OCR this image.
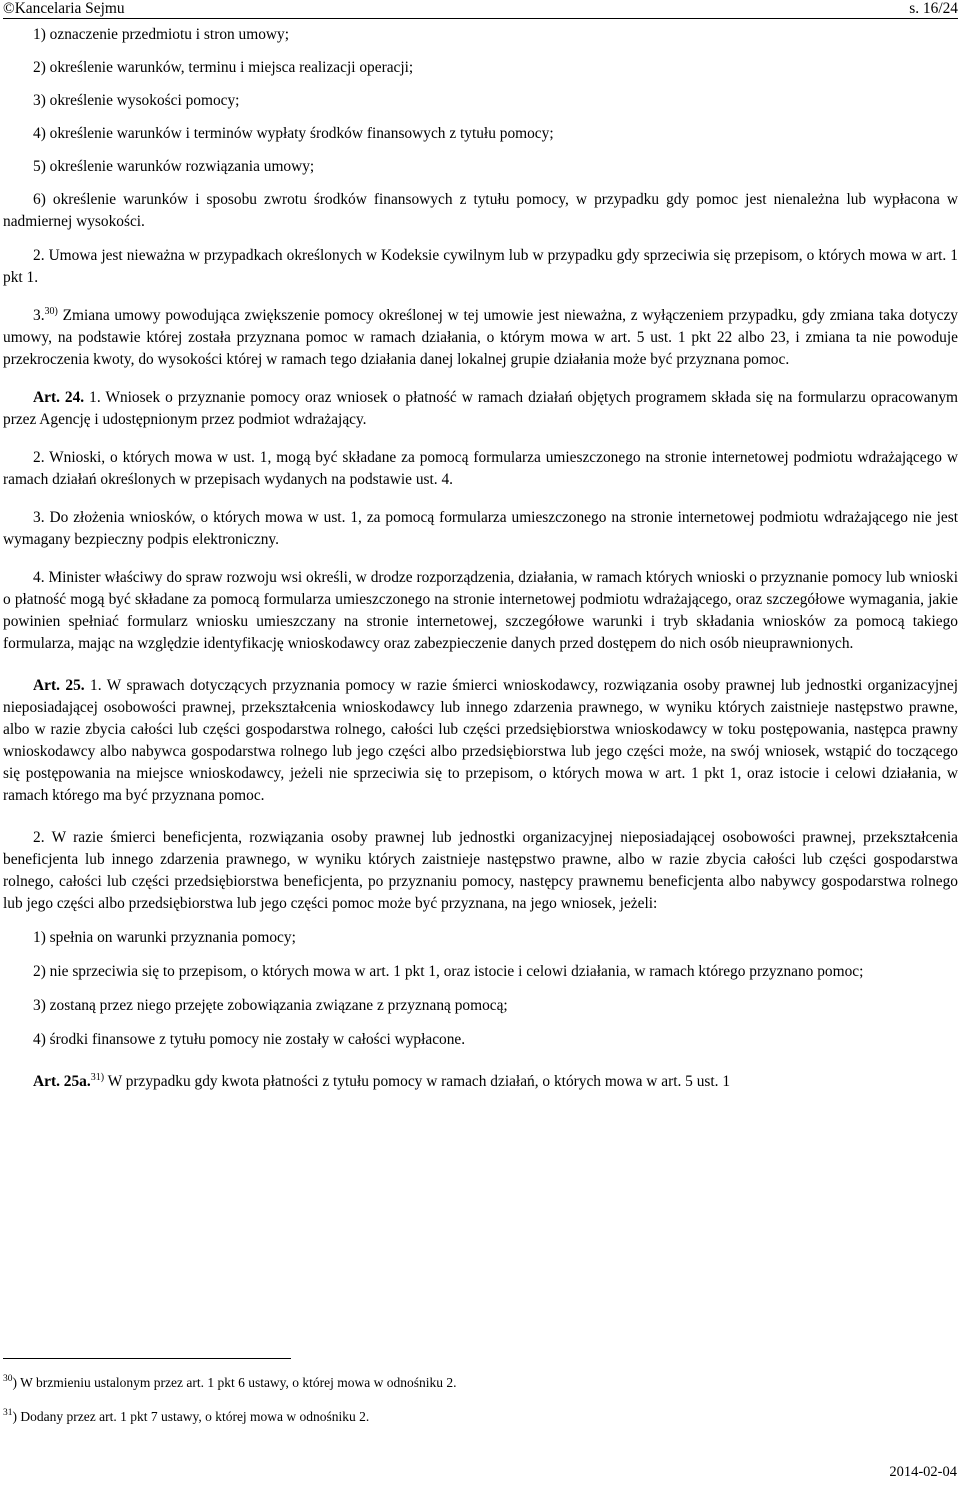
©Kancelaria Sejmu	s. 16/24

1) oznaczenie przedmiotu i stron umowy;

2) określenie warunków, terminu i miejsca realizacji operacji;

3) określenie wysokości pomocy;

4) określenie warunków i terminów wypłaty środków finansowych z tytułu pomocy;

5) określenie warunków rozwiązania umowy;

6) określenie warunków i sposobu zwrotu środków finansowych z tytułu pomocy, w przypadku gdy pomoc jest nienależna lub wypłacona w nadmiernej wysokości.

2. Umowa jest nieważna w przypadkach określonych w Kodeksie cywilnym lub w przypadku gdy sprzeciwia się przepisom, o których mowa w art. 1 pkt 1.

3.$^{30)}$ Zmiana umowy powodująca zwiększenie pomocy określonej w tej umowie jest nieważna, z wyłączeniem przypadku, gdy zmiana taka dotyczy umowy, na podstawie której została przyznana pomoc w ramach działania, o którym mowa w art. 5 ust. 1 pkt 22 albo 23, i zmiana ta nie powoduje przekroczenia kwoty, do wysokości której w ramach tego działania danej lokalnej grupie działania może być przyznana pomoc.

Art. 24. 1. Wniosek o przyznanie pomocy oraz wniosek o płatność w ramach działań objętych programem składa się na formularzu opracowanym przez Agencję i udostępnionym przez podmiot wdrażający.

2. Wnioski, o których mowa w ust. 1, mogą być składane za pomocą formularza umieszczonego na stronie internetowej podmiotu wdrażającego w ramach działań określonych w przepisach wydanych na podstawie ust. 4.

3. Do złożenia wniosków, o których mowa w ust. 1, za pomocą formularza umieszczonego na stronie internetowej podmiotu wdrażającego nie jest wymagany bezpieczny podpis elektroniczny.

4. Minister właściwy do spraw rozwoju wsi określi, w drodze rozporządzenia, działania, w ramach których wnioski o przyznanie pomocy lub wnioski o płatność mogą być składane za pomocą formularza umieszczonego na stronie internetowej podmiotu wdrażającego, oraz szczegółowe wymagania, jakie powinien spełniać formularz wniosku umieszczany na stronie internetowej, szczegółowe warunki i tryb składania wniosków za pomocą takiego formularza, mając na względzie identyfikację wnioskodawcy oraz zabezpieczenie danych przed dostępem do nich osób nieuprawnionych.

Art. 25. 1. W sprawach dotyczących przyznania pomocy w razie śmierci wnioskodawcy, rozwiązania osoby prawnej lub jednostki organizacyjnej nieposiadającej osobowości prawnej, przekształcenia wnioskodawcy lub innego zdarzenia prawnego, w wyniku których zaistnieje następstwo prawne, albo w razie zbycia całości lub części gospodarstwa rolnego, całości lub części przedsiębiorstwa wnioskodawcy w toku postępowania, następca prawny wnioskodawcy albo nabywca gospodarstwa rolnego lub jego części albo przedsiębiorstwa lub jego części może, na swój wniosek, wstąpić do toczącego się postępowania na miejsce wnioskodawcy, jeżeli nie sprzeciwia się to przepisom, o których mowa w art. 1 pkt 1, oraz istocie i celowi działania, w ramach którego ma być przyznana pomoc.

2. W razie śmierci beneficjenta, rozwiązania osoby prawnej lub jednostki organizacyjnej nieposiadającej osobowości prawnej, przekształcenia beneficjenta lub innego zdarzenia prawnego, w wyniku których zaistnieje następstwo prawne, albo w razie zbycia całości lub części gospodarstwa rolnego, całości lub części przedsiębiorstwa beneficjenta, po przyznaniu pomocy, następcy prawnemu beneficjenta albo nabywcy gospodarstwa rolnego lub jego części albo przedsiębiorstwa lub jego części pomoc może być przyznana, na jego wniosek, jeżeli:

1) spełnia on warunki przyznania pomocy;

2) nie sprzeciwia się to przepisom, o których mowa w art. 1 pkt 1, oraz istocie i celowi działania, w ramach którego przyznano pomoc;

3) zostaną przez niego przejęte zobowiązania związane z przyznaną pomocą;

4) środki finansowe z tytułu pomocy nie zostały w całości wypłacone.

Art. 25a.$^{31)}$ W przypadku gdy kwota płatności z tytułu pomocy w ramach działań, o których mowa w art. 5 ust. 1

$^{30}$) W brzmieniu ustalonym przez art. 1 pkt 6 ustawy, o której mowa w odnośniku 2.

$^{31}$) Dodany przez art. 1 pkt 7 ustawy, o której mowa w odnośniku 2.

2014-02-04
